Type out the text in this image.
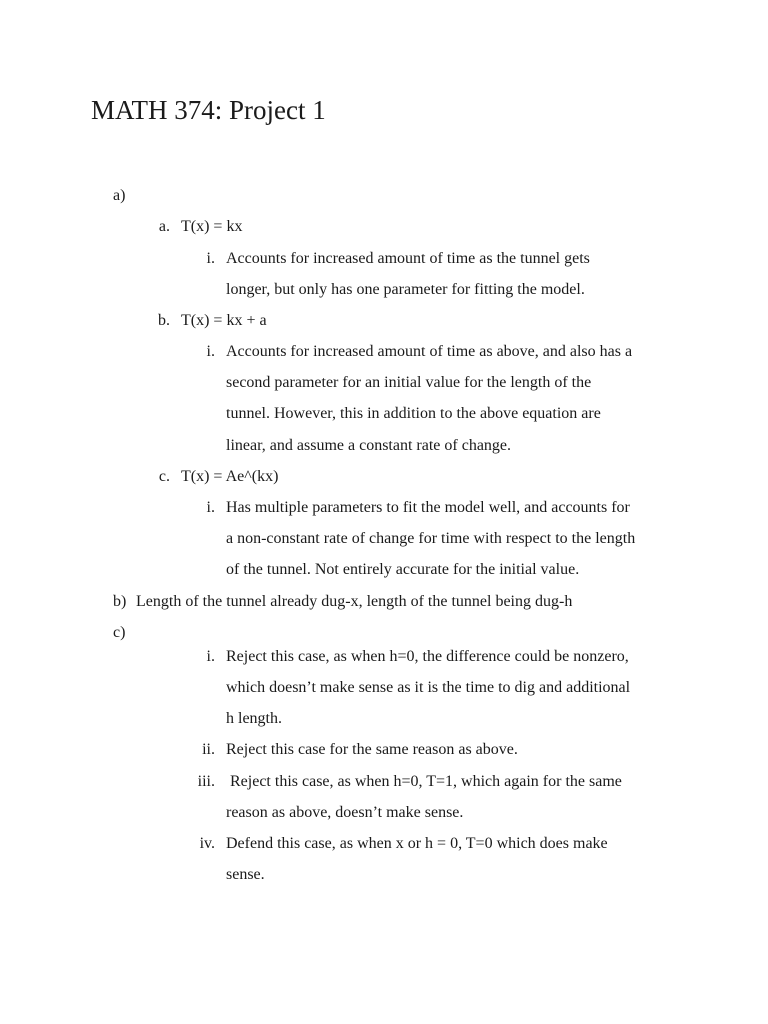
MATH 374: Project 1
a)
a. T(x) = kx
i. Accounts for increased amount of time as the tunnel gets
longer, but only has one parameter for fitting the model.
b. T(x) = kx + a
i. Accounts for increased amount of time as above, and also has a
second parameter for an initial value for the length of the
tunnel. However, this in addition to the above equation are
linear, and assume a constant rate of change.
c. T(x) = Ae^(kx)
i. Has multiple parameters to fit the model well, and accounts for
a non-constant rate of change for time with respect to the length
of the tunnel. Not entirely accurate for the initial value.
b) Length of the tunnel already dug-x, length of the tunnel being dug-h
c)
i. Reject this case, as when h=0, the difference could be nonzero,
which doesn’t make sense as it is the time to dig and additional
h length.
ii. Reject this case for the same reason as above.
iii. Reject this case, as when h=0, T=1, which again for the same
reason as above, doesn’t make sense.
iv. Defend this case, as when x or h = 0, T=0 which does make
sense.
